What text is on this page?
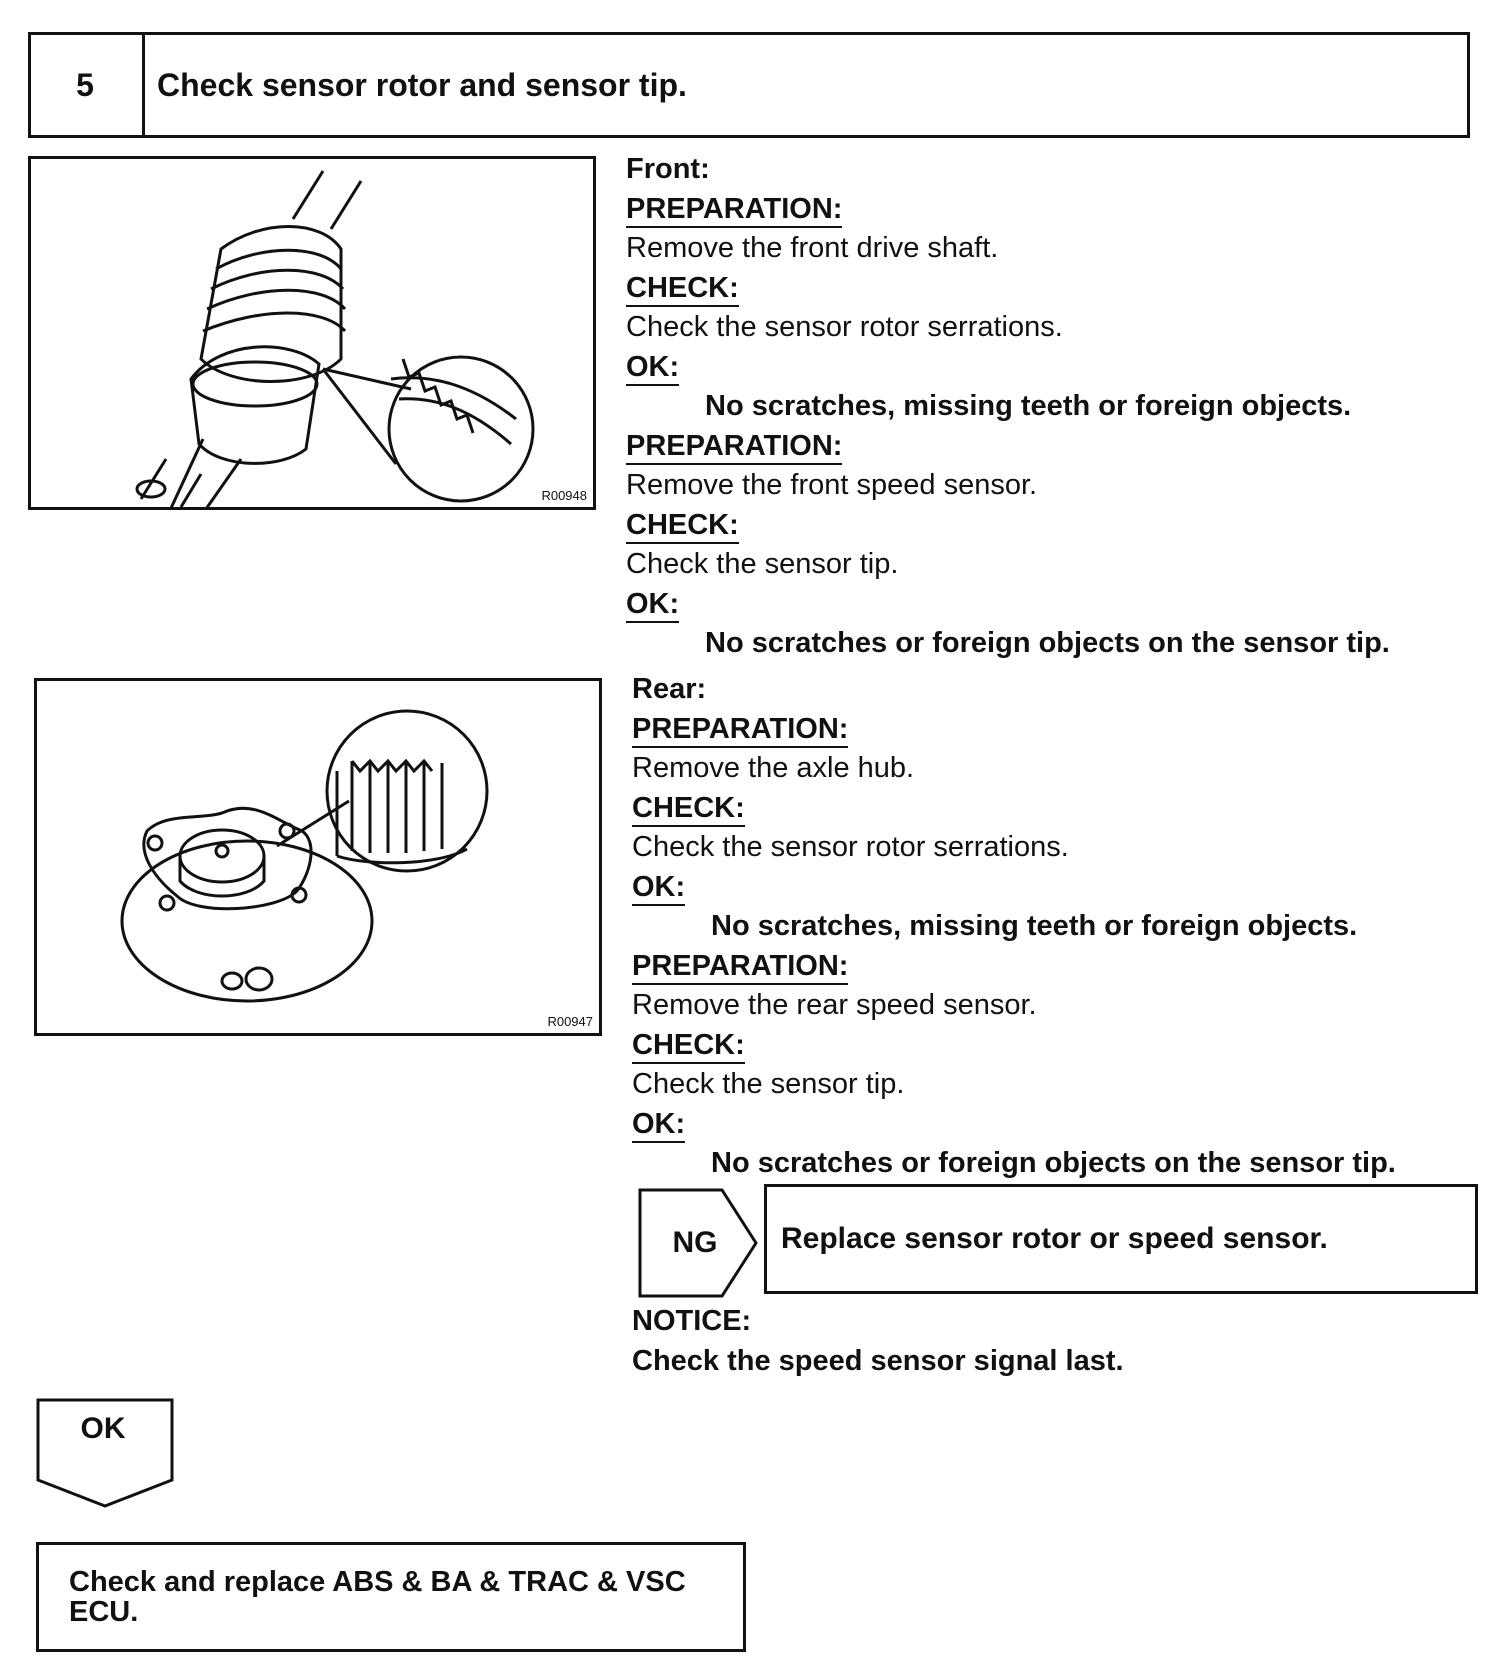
5	Check sensor rotor and sensor tip.
R00948
R00947
Front:
PREPARATION:
Remove the front drive shaft.
CHECK:
Check the sensor rotor serrations.
OK:
No scratches, missing teeth or foreign objects.
PREPARATION:
Remove the front speed sensor.
CHECK:
Check the sensor tip.
OK:
No scratches or foreign objects on the sensor tip.
Rear:
PREPARATION:
Remove the axle hub.
CHECK:
Check the sensor rotor serrations.
OK:
No scratches, missing teeth or foreign objects.
PREPARATION:
Remove the rear speed sensor.
CHECK:
Check the sensor tip.
OK:
No scratches or foreign objects on the sensor tip.
NG	Replace sensor rotor or speed sensor.
NOTICE:
Check the speed sensor signal last.
OK
Check and replace ABS & BA & TRAC & VSC
ECU.
